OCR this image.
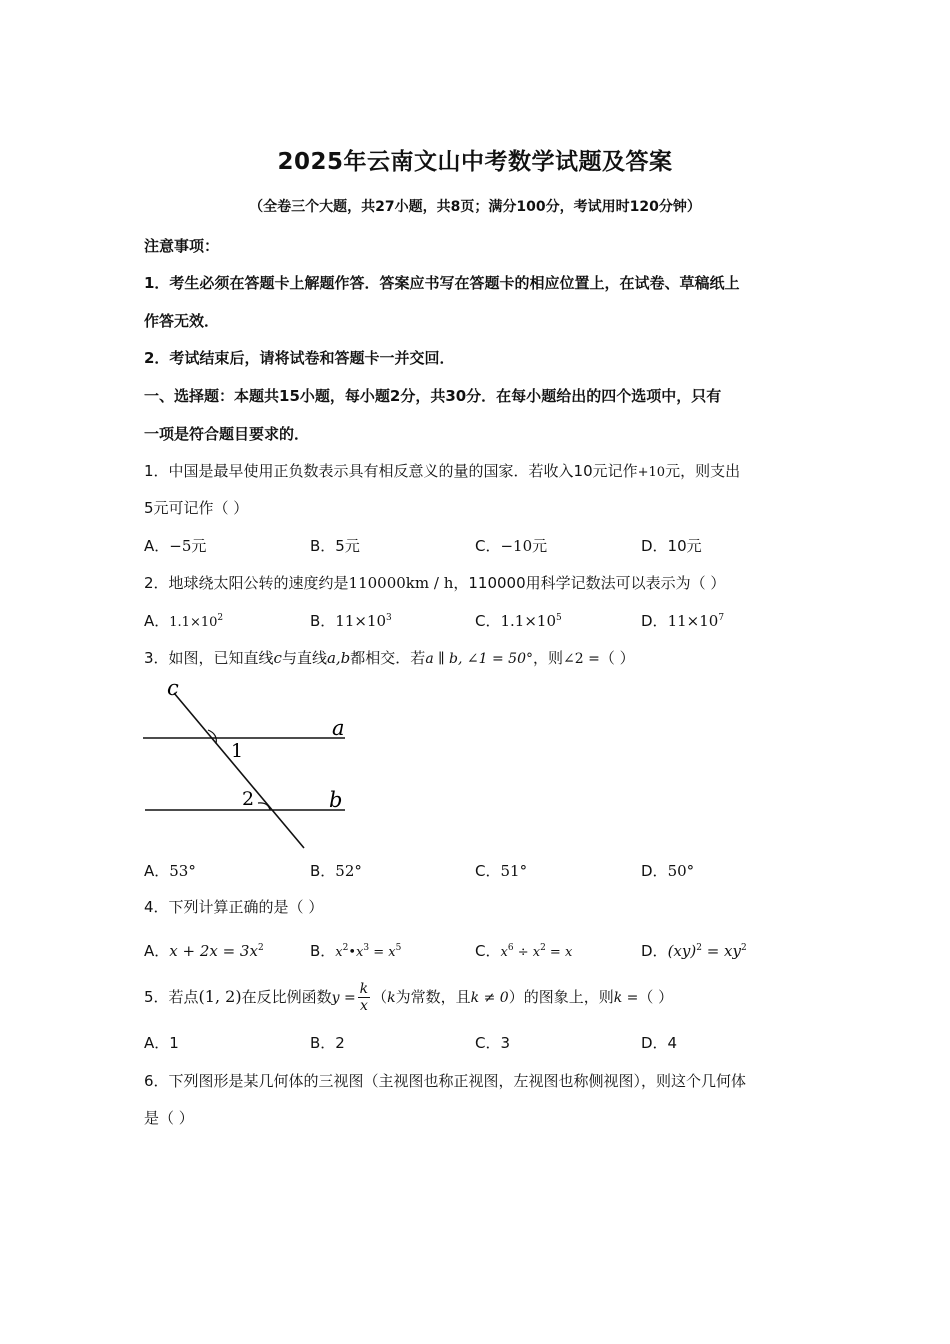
2025年云南文山中考数学试题及答案
（全卷三个大题，共27小题，共8页；满分100分，考试用时120分钟）
注意事项：
1．考生必须在答题卡上解题作答．答案应书写在答题卡的相应位置上，在试卷、草稿纸上
作答无效．
2．考试结束后，请将试卷和答题卡一并交回．
一、选择题：本题共15小题，每小题2分，共30分．在每小题给出的四个选项中，只有
一项是符合题目要求的．
1．中国是最早使用正负数表示具有相反意义的量的国家．若收入10元记作+10元，则支出
5元可记作（ ）
A．−5元	B．5元	C．−10元	D．10元
2．地球绕太阳公转的速度约是110000km / h，110000用科学记数法可以表示为（ ）
A．$1.1\times 10^2$	B．$11\times 10^3$	C．$1.1\times 10^5$	D．$11\times 10^7$
3．如图，已知直线c与直线a,b都相交．若a ∥ b, ∠1 = 50°，则∠2 =（ ）
c
a
b
1
2
A．53°	B．52°	C．51°	D．50°
4．下列计算正确的是（ ）
A．$x + 2x = 3x^2$	B．$x^2•x^3 = x^5$	C．$x^6 \div x^2 = x$	D．$(xy)^2 = xy^2$
5．若点(1, 2)在反比例函数$y = \frac{k}{x} (k$为常数，且k ≠ 0）的图象上，则k =（ ）
A．1	B．2	C．3	D．4
6．下列图形是某几何体的三视图（主视图也称正视图，左视图也称侧视图），则这个几何体
是（ ）
